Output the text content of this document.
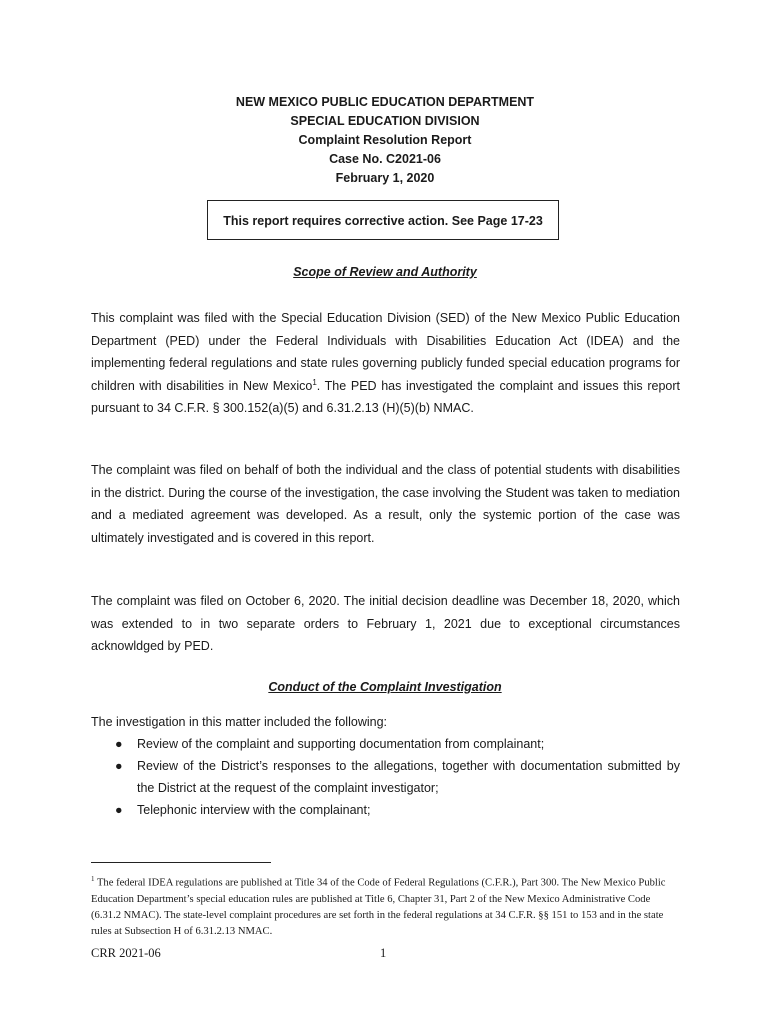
NEW MEXICO PUBLIC EDUCATION DEPARTMENT
SPECIAL EDUCATION DIVISION
Complaint Resolution Report
Case No. C2021-06
February 1, 2020
This report requires corrective action. See Page 17-23
Scope of Review and Authority

This complaint was filed with the Special Education Division (SED) of the New Mexico Public Education Department (PED) under the Federal Individuals with Disabilities Education Act (IDEA) and the implementing federal regulations and state rules governing publicly funded special education programs for children with disabilities in New Mexico$^1$. The PED has investigated the complaint and issues this report pursuant to 34 C.F.R. § 300.152(a)(5) and 6.31.2.13 (H)(5)(b) NMAC.

The complaint was filed on behalf of both the individual and the class of potential students with disabilities in the district. During the course of the investigation, the case involving the Student was taken to mediation and a mediated agreement was developed. As a result, only the systemic portion of the case was ultimately investigated and is covered in this report.

The complaint was filed on October 6, 2020. The initial decision deadline was December 18, 2020, which was extended to in two separate orders to February 1, 2021 due to exceptional circumstances acknowldged by PED.

Conduct of the Complaint Investigation
The investigation in this matter included the following:
● Review of the complaint and supporting documentation from complainant;
● Review of the District’s responses to the allegations, together with documentation submitted by the District at the request of the complaint investigator;
● Telephonic interview with the complainant;
$^1$ The federal IDEA regulations are published at Title 34 of the Code of Federal Regulations (C.F.R.), Part 300. The New Mexico Public Education Department’s special education rules are published at Title 6, Chapter 31, Part 2 of the New Mexico Administrative Code (6.31.2 NMAC). The state-level complaint procedures are set forth in the federal regulations at 34 C.F.R. §§ 151 to 153 and in the state rules at Subsection H of 6.31.2.13 NMAC.
CRR 2021-06	1
